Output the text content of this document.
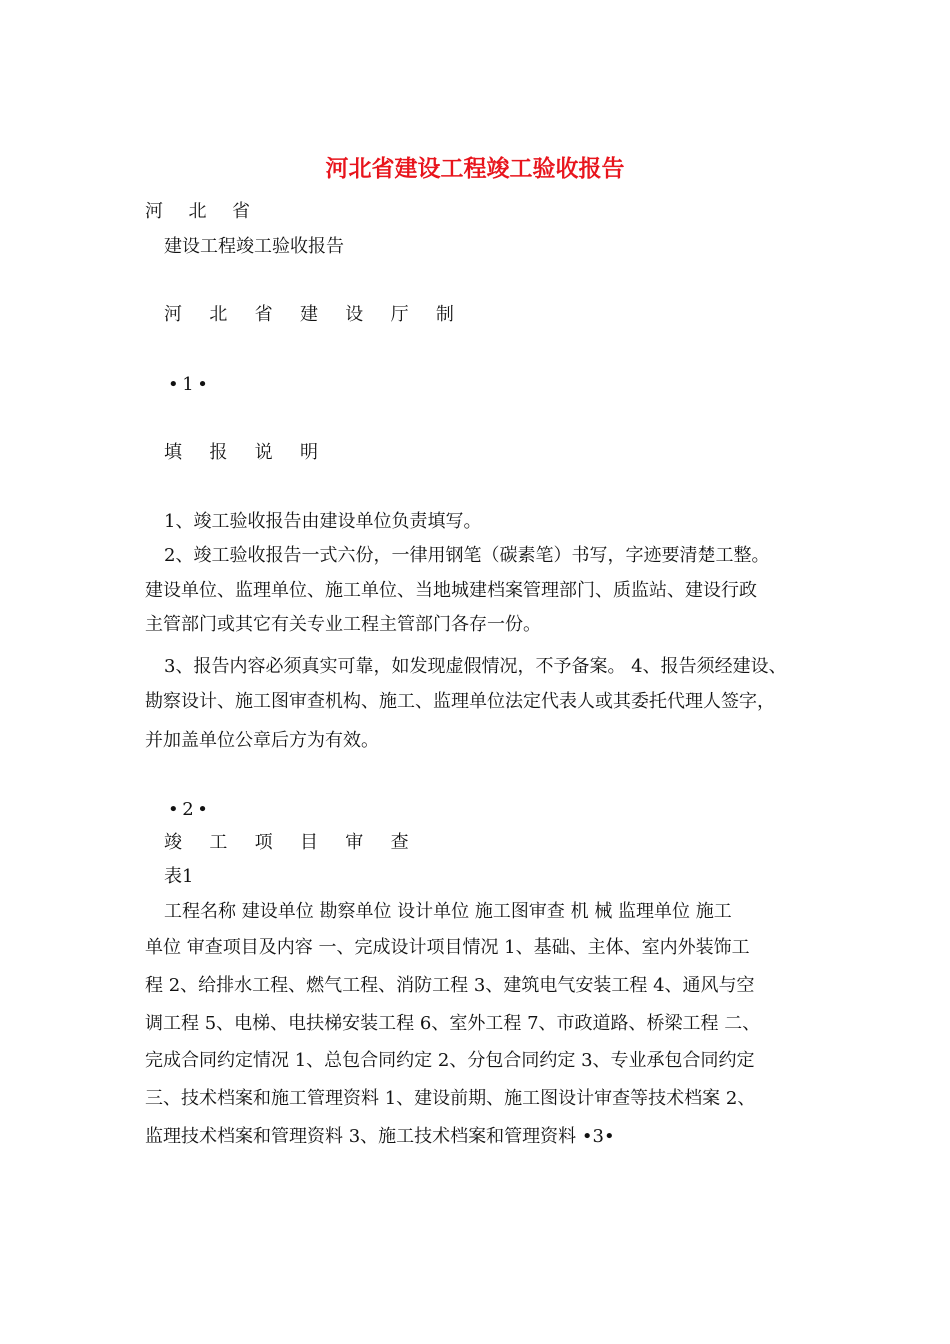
河北省建设工程竣工验收报告
河 北 省
建设工程竣工验收报告
河 北 省 建 设 厅 制
•1•
填 报 说 明
1、竣工验收报告由建设单位负责填写。
2、竣工验收报告一式六份，一律用钢笔（碳素笔）书写，字迹要清楚工整。
建设单位、监理单位、施工单位、当地城建档案管理部门、质监站、建设行政
主管部门或其它有关专业工程主管部门各存一份。
3、报告内容必须真实可靠，如发现虚假情况，不予备案。 4、报告须经建设、
勘察设计、施工图审查机构、施工、监理单位法定代表人或其委托代理人签字，
并加盖单位公章后方为有效。
•2•
竣 工 项 目 审 查
表1
工程名称 建设单位 勘察单位 设计单位 施工图审查 机 械 监理单位 施工
单位 审查项目及内容 一、完成设计项目情况 1、基础、主体、室内外装饰工
程 2、给排水工程、燃气工程、消防工程 3、建筑电气安装工程 4、通风与空
调工程 5、电梯、电扶梯安装工程 6、室外工程 7、市政道路、桥梁工程 二、
完成合同约定情况 1、总包合同约定 2、分包合同约定 3、专业承包合同约定
三、技术档案和施工管理资料 1、建设前期、施工图设计审查等技术档案 2、
监理技术档案和管理资料 3、施工技术档案和管理资料 •3•
